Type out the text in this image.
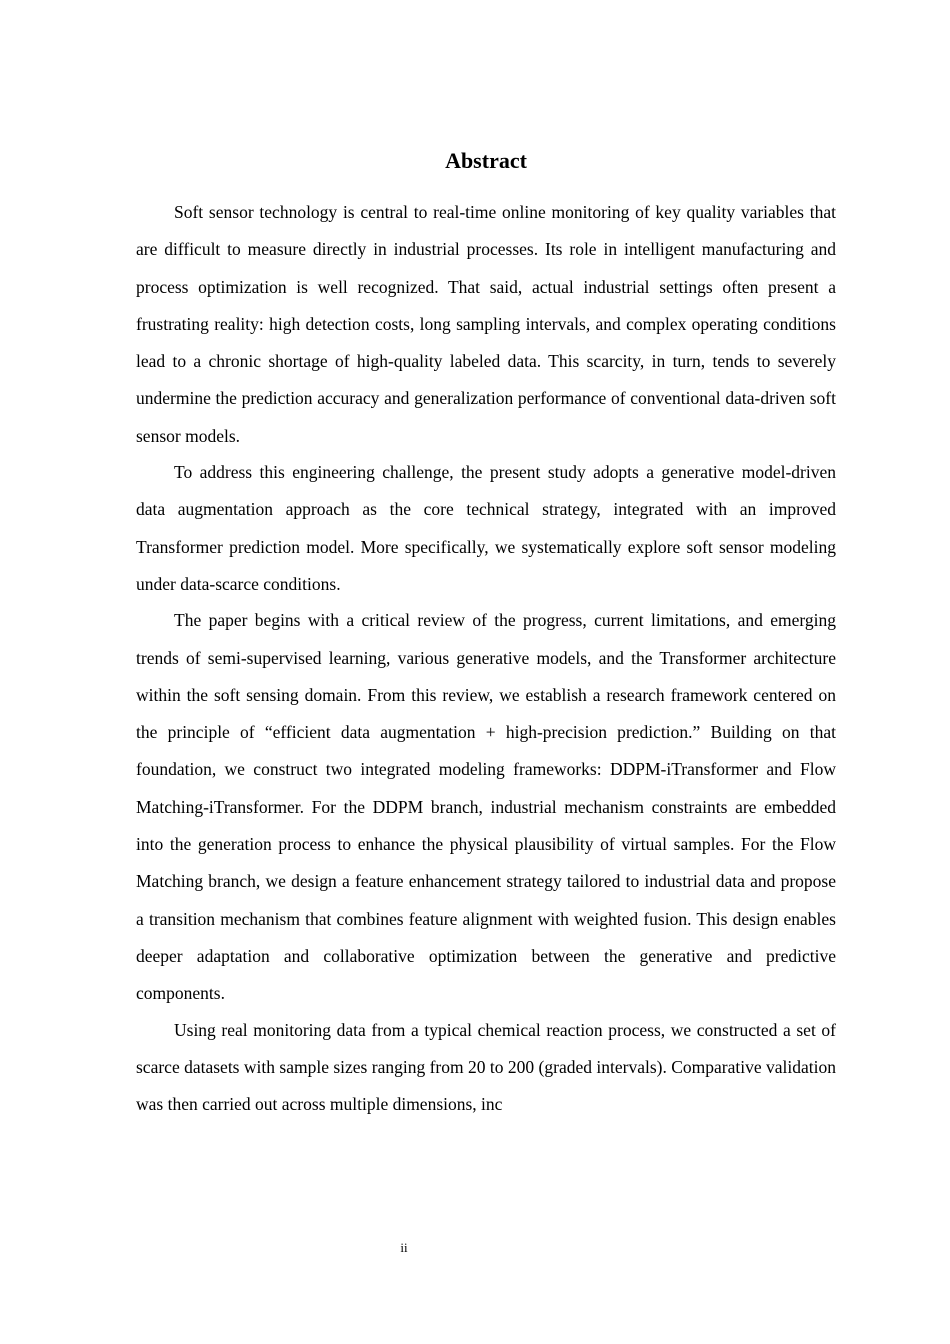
Abstract

Soft sensor technology is central to real-time online monitoring of key quality variables that are difficult to measure directly in industrial processes. Its role in intelligent manufacturing and process optimization is well recognized. That said, actual industrial settings often present a frustrating reality: high detection costs, long sampling intervals, and complex operating conditions lead to a chronic shortage of high-quality labeled data. This scarcity, in turn, tends to severely undermine the prediction accuracy and generalization performance of conventional data-driven soft sensor models.

To address this engineering challenge, the present study adopts a generative model-driven data augmentation approach as the core technical strategy, integrated with an improved Transformer prediction model. More specifically, we systematically explore soft sensor modeling under data-scarce conditions.

The paper begins with a critical review of the progress, current limitations, and emerging trends of semi-supervised learning, various generative models, and the Transformer architecture within the soft sensing domain. From this review, we establish a research framework centered on the principle of “efficient data augmentation + high-precision prediction.” Building on that foundation, we construct two integrated modeling frameworks: DDPM-iTransformer and Flow Matching-iTransformer. For the DDPM branch, industrial mechanism constraints are embedded into the generation process to enhance the physical plausibility of virtual samples. For the Flow Matching branch, we design a feature enhancement strategy tailored to industrial data and propose a transition mechanism that combines feature alignment with weighted fusion. This design enables deeper adaptation and collaborative optimization between the generative and predictive components.

Using real monitoring data from a typical chemical reaction process, we constructed a set of scarce datasets with sample sizes ranging from 20 to 200 (graded intervals). Comparative validation was then carried out across multiple dimensions, inc

ii
